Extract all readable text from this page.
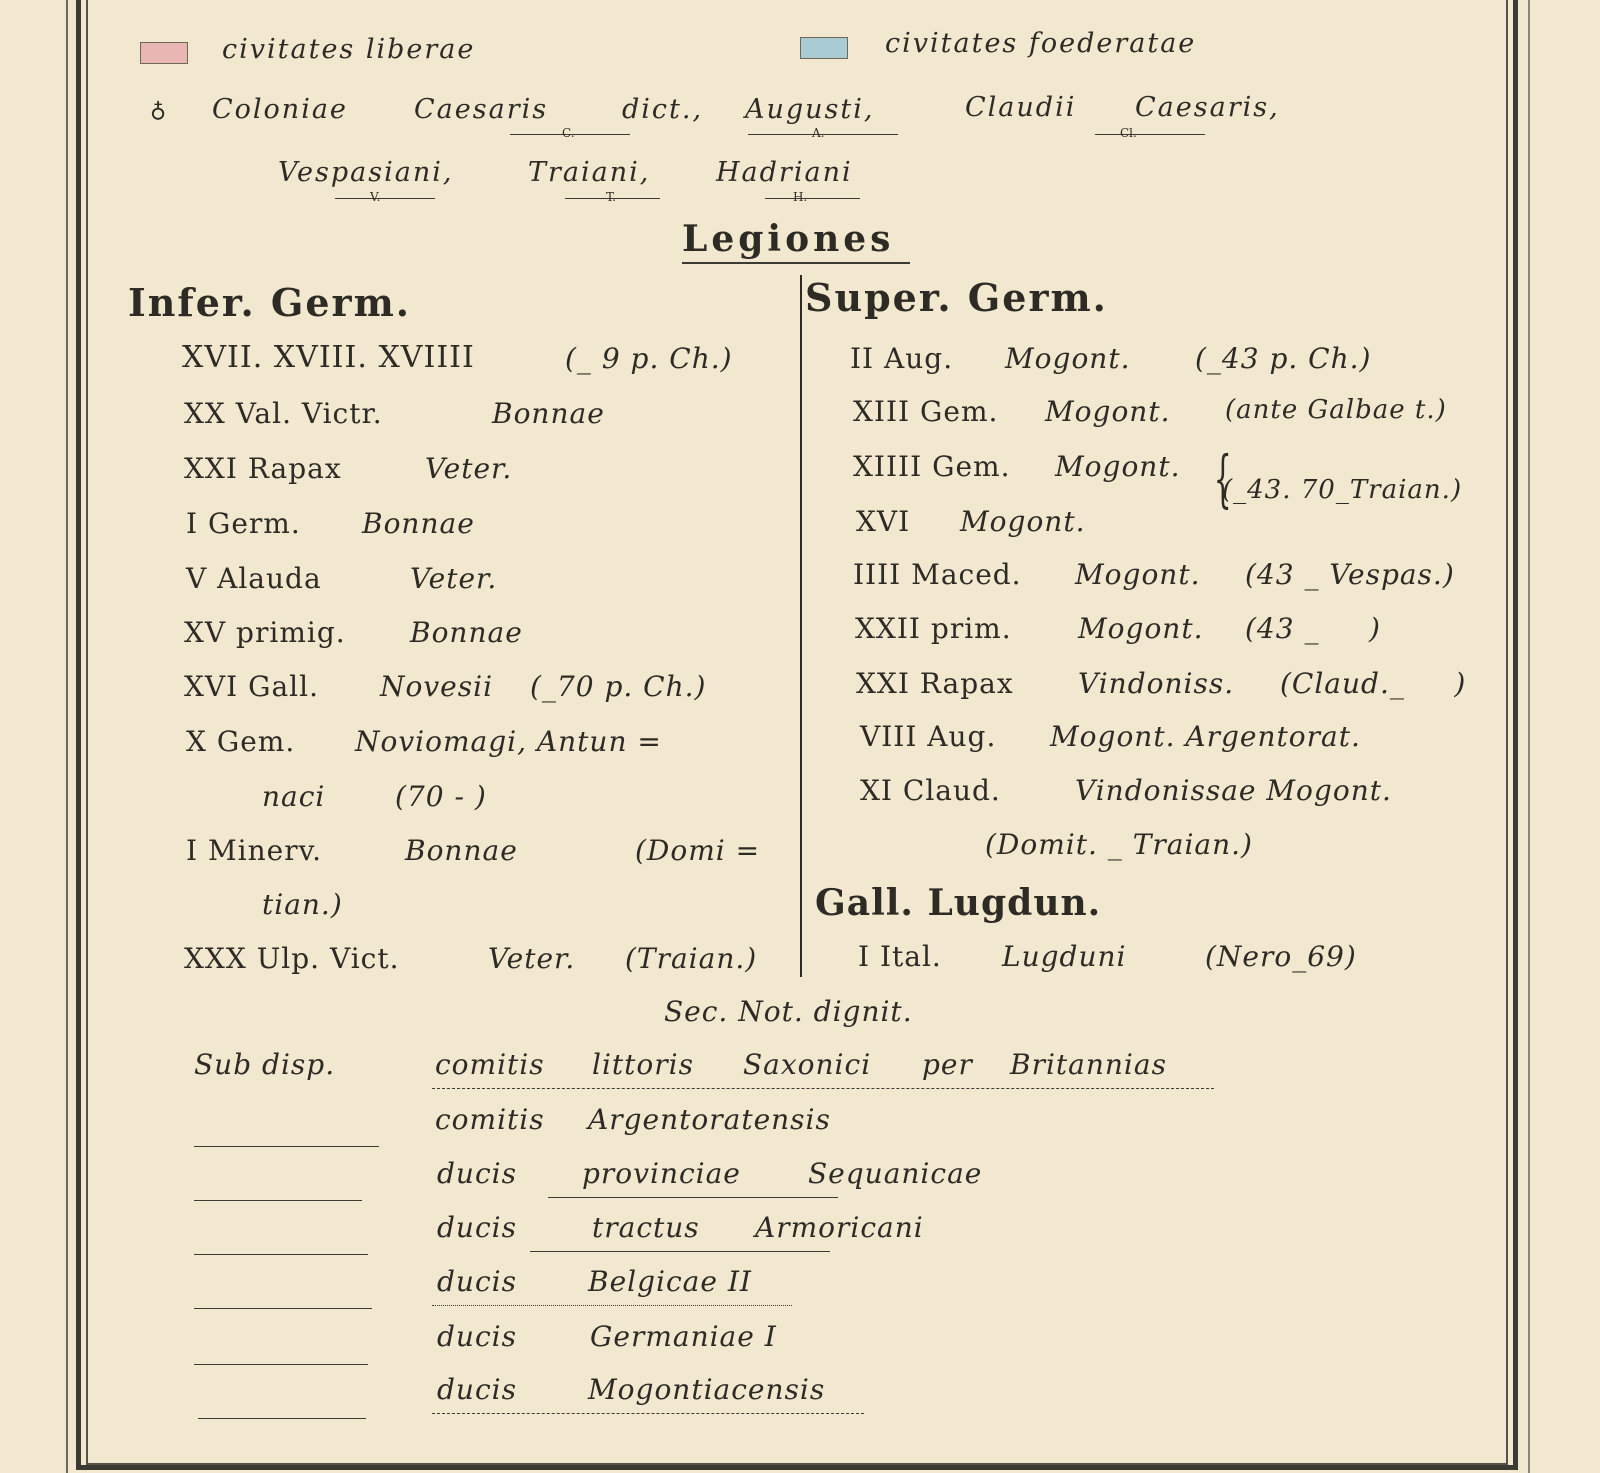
civitates liberae	civitates foederatae
♁ Coloniae Caesaris
C.
dict., Augusti,
A.
Claudii Caesaris,
Cl.
Vespasiani,
V.
Traiani,
T.
Hadriani
H.
Legiones
Infer. Germ.
XVII. XVIII. XVIIII	(_ 9 p. Ch.)
XX Val. Victr.	Bonnae
XXI Rapax	Veter.
I Germ. Bonnae
V Alauda	Veter.
XV primig. Bonnae
XVI Gall. Novesii (_70 p. Ch.)
X Gem. Noviomagi, Antun =
naci (70 - )
I Minerv.	Bonnae	(Domi =
tian.)
XXX Ulp. Vict.	Veter. (Traian.)
Super. Germ.
II Aug. Mogont. (_43 p. Ch.)
XIII Gem. Mogont. (ante Galbae t.)
XIIII Gem. Mogont.
XVI Mogont.
{
(_43. 70_Traian.)
IIII Maced. Mogont. (43 _ Vespas.)
XXII prim. Mogont. (43 _     )
XXI Rapax Vindoniss. (Claud._     )
VIII Aug. Mogont. Argentorat.
XI Claud.	Vindonissae Mogont.
(Domit. _ Traian.)
Gall. Lugdun.
I Ital. Lugduni	(Nero_69)
Sec. Not. dignit.
Sub disp.	comitis littoris Saxonici per Britannias
comitis Argentoratensis
ducis provinciae Sequanicae
ducis	tractus Armoricani
ducis	Belgicae II
ducis	Germaniae I
ducis	Mogontiacensis
